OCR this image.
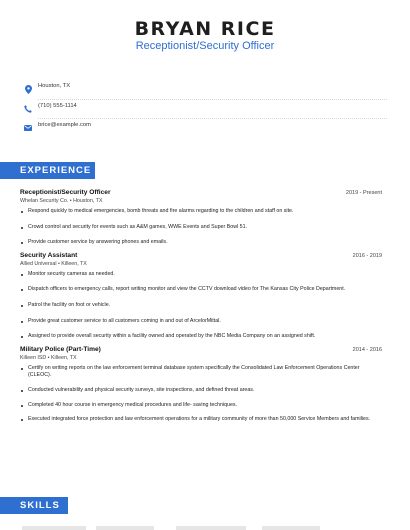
BRYAN RICE
Receptionist/Security Officer
Houston, TX
(710) 555-1114
brice@example.com
EXPERIENCE
Receptionist/Security Officer	2019 - Present
Whelan Security Co. • Houston, TX
Respond quickly to medical emergencies, bomb threats and fire alarms regarding to the children and staff on site.
Crowd control and security for events such as A&M games, WWE Events and Super Bowl 51.
Provide customer service by answering phones and emails.
Security Assistant	2016 - 2019
Allied Universal • Killeen, TX
Monitor security cameras as needed.
Dispatch officers to emergency calls, report writing monitor and view the CCTV download video for The Kansas City Police Department.
Patrol the facility on foot or vehicle.
Provide great customer service to all customers coming in and out of ArcelorMittal.
Assigned to provide overall security within a facility owned and operated by the NBC Media Company on an assigned shift.
Military Police (Part-Time)	2014 - 2016
Killeen ISD • Killeen, TX
Certify on writing reports on the law enforcement terminal database system specifically the Consolidated Law Enforcement Operations Center (CLEOC).
Conducted vulnerability and physical security surveys, site inspections, and defined threat areas.
Completed 40 hour course in emergency medical procedures and life- saving techniques.
Executed integrated force protection and law enforcement operations for a military community of more than 50,000 Service Members and families.
SKILLS
